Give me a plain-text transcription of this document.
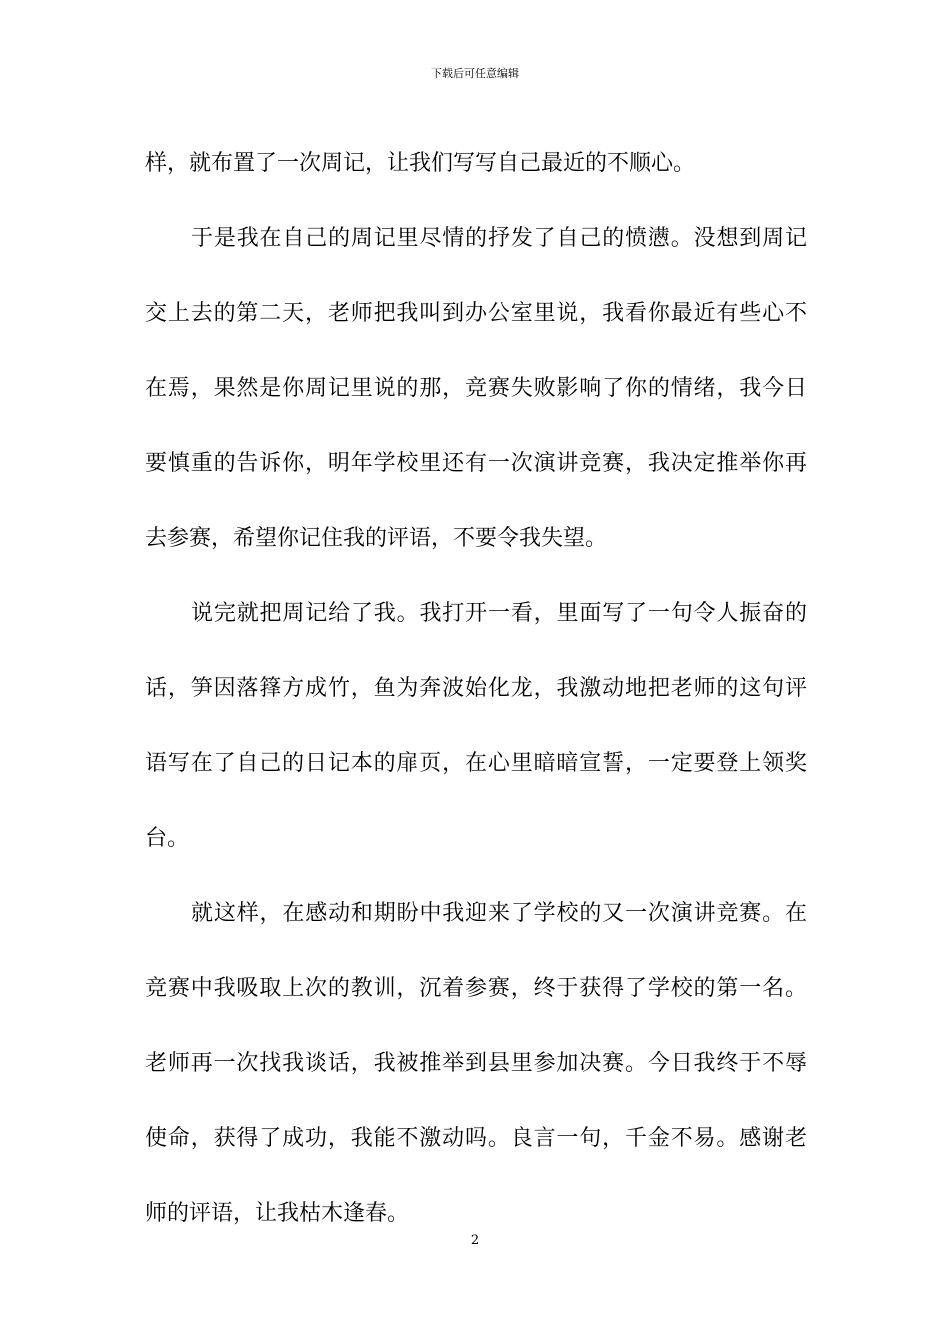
下载后可任意编辑
样，就布置了一次周记，让我们写写自己最近的不顺心。
于是我在自己的周记里尽情的抒发了自己的愤懑。没想到周记
交上去的第二天，老师把我叫到办公室里说，我看你最近有些心不
在焉，果然是你周记里说的那，竞赛失败影响了你的情绪，我今日
要慎重的告诉你，明年学校里还有一次演讲竞赛，我决定推举你再
去参赛，希望你记住我的评语，不要令我失望。
说完就把周记给了我。我打开一看，里面写了一句令人振奋的
话，笋因落箨方成竹，鱼为奔波始化龙，我激动地把老师的这句评
语写在了自己的日记本的扉页，在心里暗暗宣誓，一定要登上领奖
台。
就这样，在感动和期盼中我迎来了学校的又一次演讲竞赛。在
竞赛中我吸取上次的教训，沉着参赛，终于获得了学校的第一名。
老师再一次找我谈话，我被推举到县里参加决赛。今日我终于不辱
使命，获得了成功，我能不激动吗。良言一句，千金不易。感谢老
师的评语，让我枯木逢春。
2
